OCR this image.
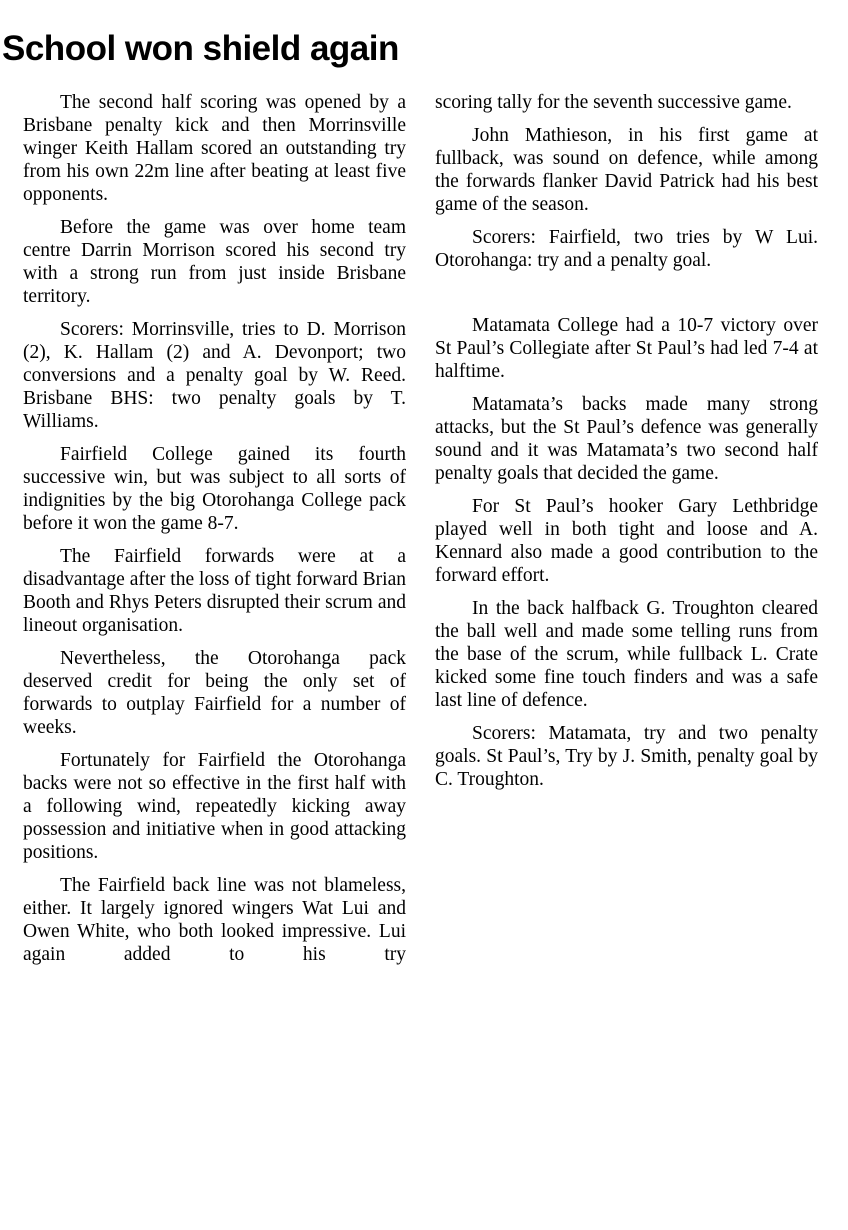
School won shield again

The second half scoring was opened by a Brisbane penalty kick and then Morrinsville winger Keith Hallam scored an outstanding try from his own 22m line after beating at least five opponents.

Before the game was over home team centre Darrin Morrison scored his second try with a strong run from just inside Brisbane territory.

Scorers: Morrinsville, tries to D. Morrison (2), K. Hallam (2) and A. Devonport; two conversions and a penalty goal by W. Reed. Brisbane BHS: two penalty goals by T. Williams.

Fairfield College gained its fourth successive win, but was subject to all sorts of indignities by the big Otorohanga College pack before it won the game 8-7.

The Fairfield forwards were at a disadvantage after the loss of tight forward Brian Booth and Rhys Peters disrupted their scrum and lineout organisation.

Nevertheless, the Otorohanga pack deserved credit for being the only set of forwards to outplay Fairfield for a number of weeks.

Fortunately for Fairfield the Otorohanga backs were not so effective in the first half with a following wind, repeatedly kicking away possession and initiative when in good attacking positions.

The Fairfield back line was not blameless, either. It largely ignored wingers Wat Lui and Owen White, who both looked impressive. Lui again added to his try

scoring tally for the seventh successive game.

John Mathieson, in his first game at fullback, was sound on defence, while among the forwards flanker David Patrick had his best game of the season.

Scorers: Fairfield, two tries by W Lui. Otorohanga: try and a penalty goal.

Matamata College had a 10-7 victory over St Paul’s Collegiate after St Paul’s had led 7-4 at halftime.

Matamata’s backs made many strong attacks, but the St Paul’s defence was generally sound and it was Matamata’s two second half penalty goals that decided the game.

For St Paul’s hooker Gary Lethbridge played well in both tight and loose and A. Kennard also made a good contribution to the forward effort.

In the back halfback G. Troughton cleared the ball well and made some telling runs from the base of the scrum, while fullback L. Crate kicked some fine touch finders and was a safe last line of defence.

Scorers: Matamata, try and two penalty goals. St Paul’s, Try by J. Smith, penalty goal by C. Troughton.
